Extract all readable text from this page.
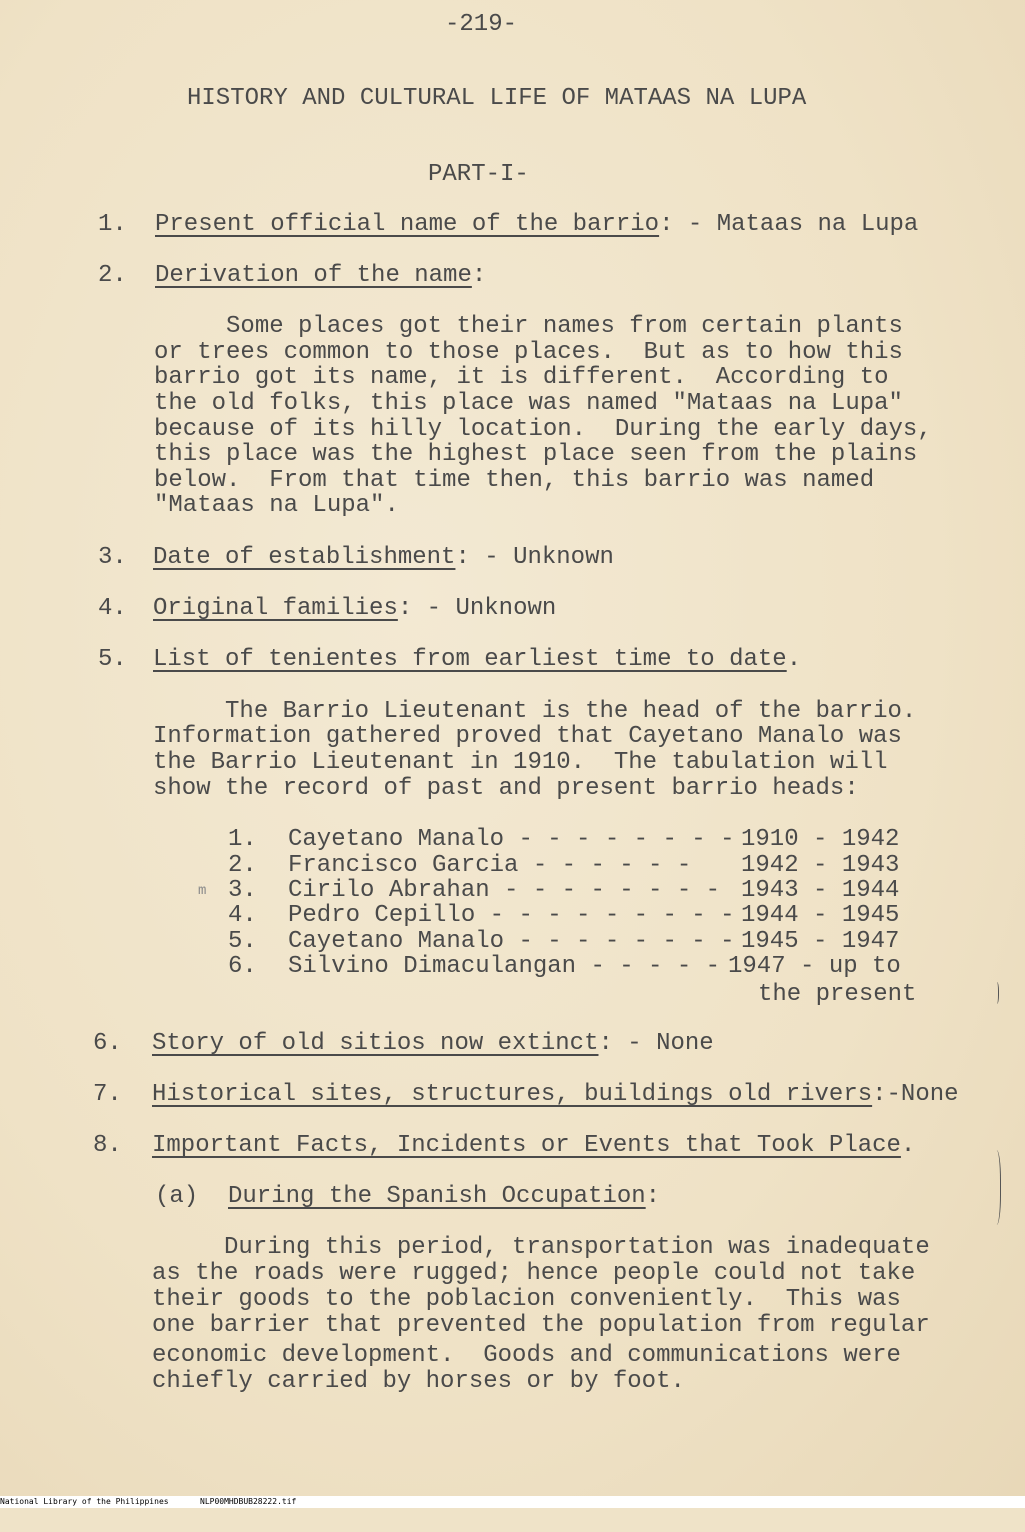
-219-
HISTORY AND CULTURAL LIFE OF MATAAS NA LUPA
PART-I-
1. Present official name of the barrio: - Mataas na Lupa
2. Derivation of the name:
Some places got their names from certain plants
or trees common to those places.  But as to how this
barrio got its name, it is different.  According to
the old folks, this place was named "Mataas na Lupa"
because of its hilly location.  During the early days,
this place was the highest place seen from the plains
below.  From that time then, this barrio was named
"Mataas na Lupa".
3. Date of establishment: - Unknown
4. Original families: - Unknown
5. List of tenientes from earliest time to date.
The Barrio Lieutenant is the head of the barrio.
Information gathered proved that Cayetano Manalo was
the Barrio Lieutenant in 1910.  The tabulation will
show the record of past and present barrio heads:
m
1. Cayetano Manalo - - - - - - - - 1910 - 1942
2. Francisco Garcia - - - - - - 1942 - 1943
3. Cirilo Abrahan - - - - - - - - 1943 - 1944
4. Pedro Cepillo - - - - - - - - - 1944 - 1945
5. Cayetano Manalo - - - - - - - - 1945 - 1947
6. Silvino Dimaculangan - - - - - 1947 - up to
the present
6. Story of old sitios now extinct: - None
7. Historical sites, structures, buildings old rivers:-None
8. Important Facts, Incidents or Events that Took Place.
(a) During the Spanish Occupation:
During this period, transportation was inadequate
as the roads were rugged; hence people could not take
their goods to the poblacion conveniently.  This was
one barrier that prevented the population from regular
economic development.  Goods and communications were
chiefly carried by horses or by foot.

National Library of the Philippines

	NLP00MHDBUB28222.tif
